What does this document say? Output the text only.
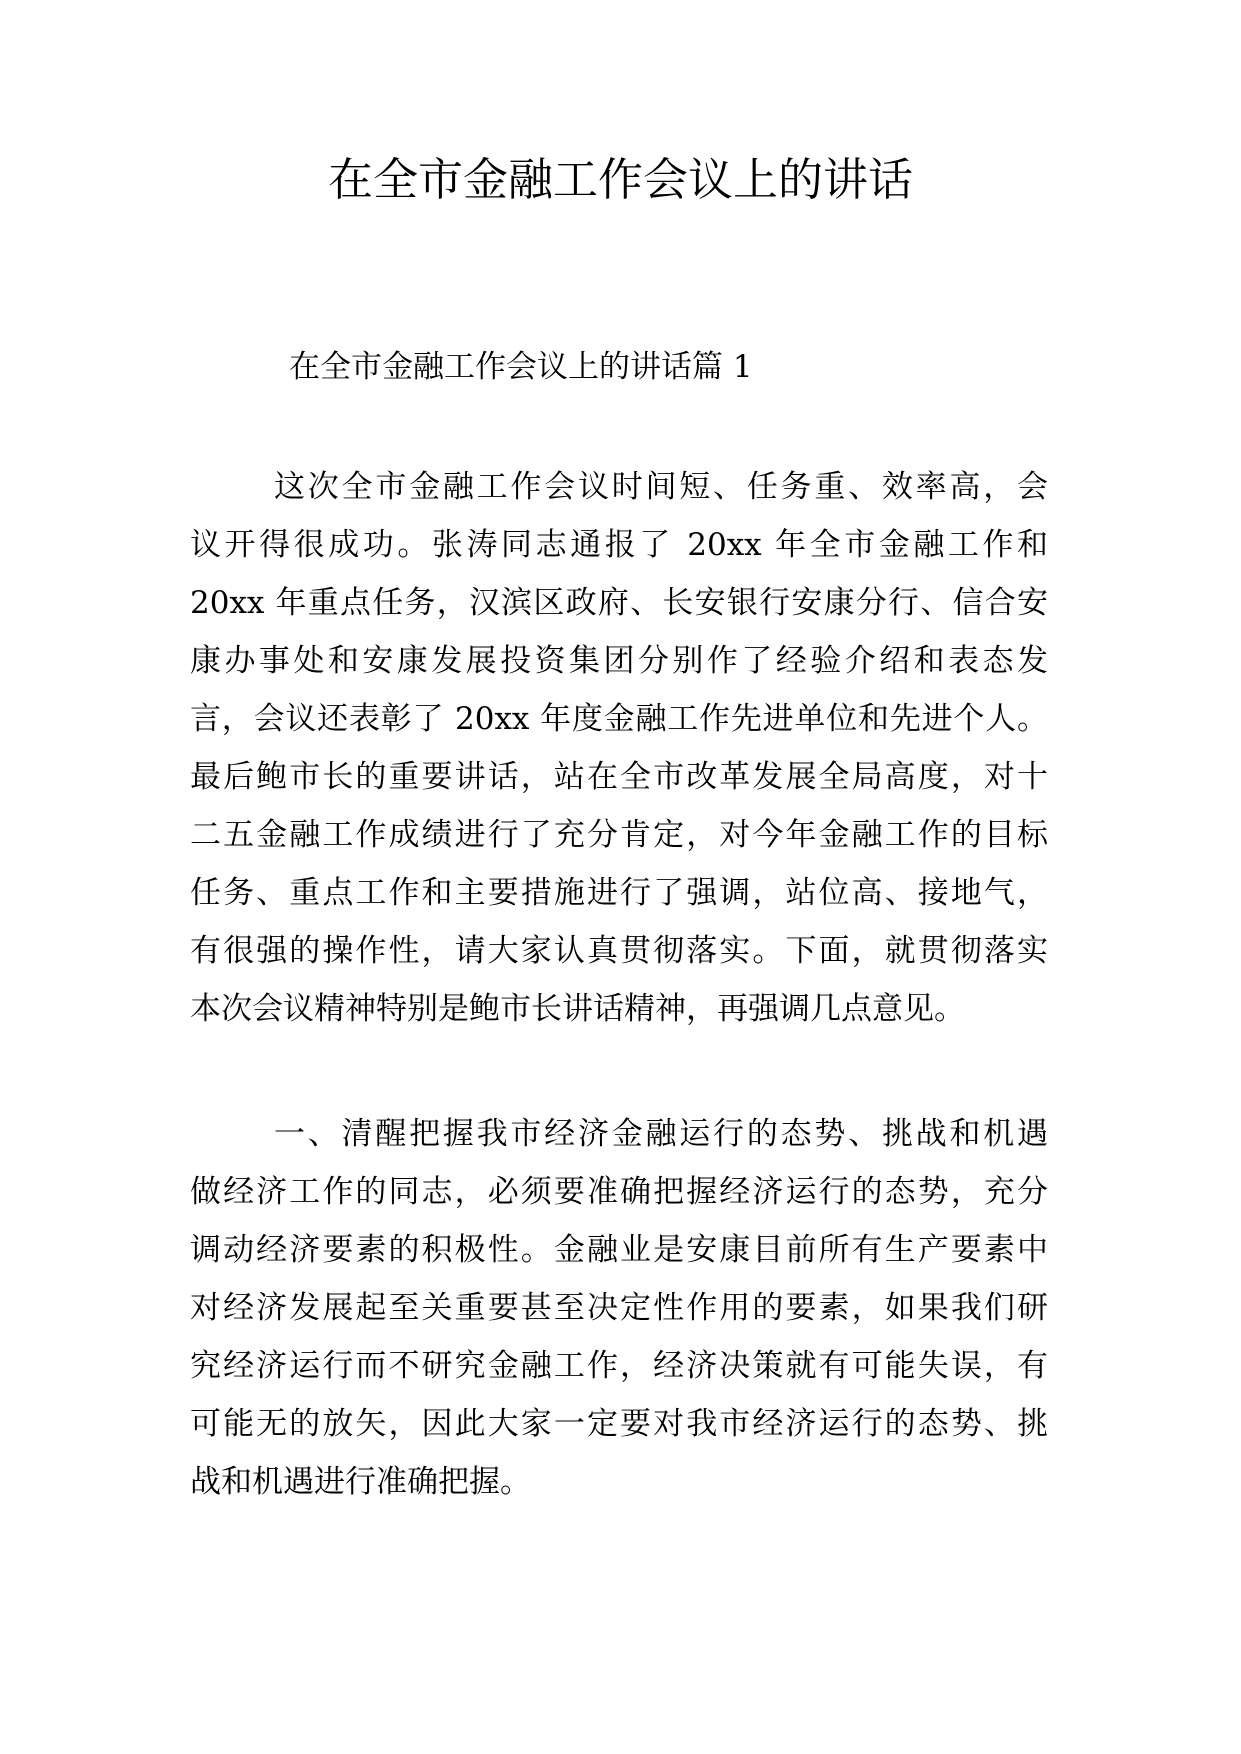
在全市金融工作会议上的讲话
在全市金融工作会议上的讲话篇 1
这次全市金融工作会议时间短、任务重、效率高，会
议开得很成功。张涛同志通报了 20xx 年全市金融工作和
20xx 年重点任务，汉滨区政府、长安银行安康分行、信合安
康办事处和安康发展投资集团分别作了经验介绍和表态发
言，会议还表彰了 20xx 年度金融工作先进单位和先进个人。
最后鲍市长的重要讲话，站在全市改革发展全局高度，对十
二五金融工作成绩进行了充分肯定，对今年金融工作的目标
任务、重点工作和主要措施进行了强调，站位高、接地气，
有很强的操作性，请大家认真贯彻落实。下面，就贯彻落实
本次会议精神特别是鲍市长讲话精神，再强调几点意见。
一、清醒把握我市经济金融运行的态势、挑战和机遇
做经济工作的同志，必须要准确把握经济运行的态势，充分
调动经济要素的积极性。金融业是安康目前所有生产要素中
对经济发展起至关重要甚至决定性作用的要素，如果我们研
究经济运行而不研究金融工作，经济决策就有可能失误，有
可能无的放矢，因此大家一定要对我市经济运行的态势、挑
战和机遇进行准确把握。
